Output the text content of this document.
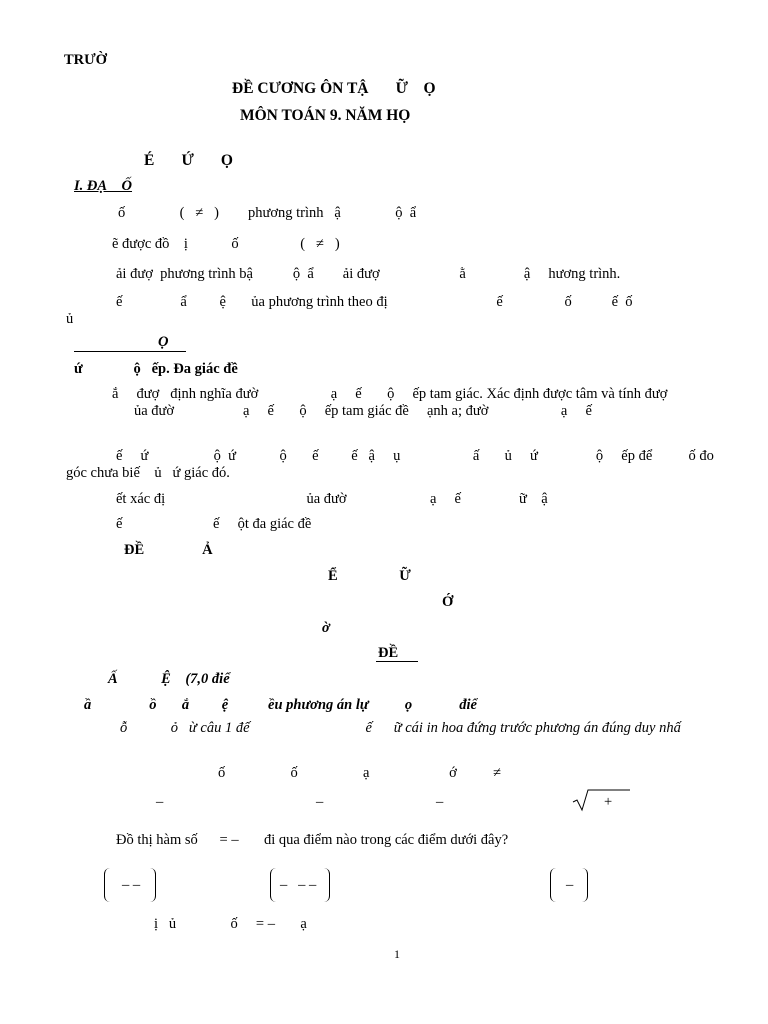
TRƯỜ
ĐỀ CƯƠNG ÔN TẬ       Ữ    Ọ
MÔN TOÁN 9. NĂM HỌ
É       Ứ       Ọ
I. ĐẠ    Ố
ố               (   ≠   )        phương trình   ậ               ộ  ẩ
ẽ được đồ    ị            ố                 (   ≠   )
ải đượ  phương trình bậ           ộ  ẩ        ải đượ                      ằ                ậ     hương trình.
ế                ẩ         ệ       ủa phương trình theo đị                              ế                 ố           ế  ố
ủ
Ọ
ứ              ộ   ếp. Đa giác đề
ắ     đượ   định nghĩa đườ                    ạ     ế       ộ     ếp tam giác. Xác định được tâm và tính đượ
ủa đườ                   ạ     ế       ộ     ếp tam giác đề     ạnh a; đườ                    ạ     ế
ế     ứ                  ộ  ứ            ộ       ế         ế   ậ     ụ                    ấ       ủ     ứ                ộ     ếp để          ố đo
góc chưa biế    ủ   ứ giác đó.
ết xác đị                                       ủa đườ                       ạ     ế                ữ    ậ
ế                         ế     ột đa giác đề
ĐỀ                Ả
Ể                 Ữ
Ớ
ờ
ĐỀ
Ấ            Ệ    (7,0 điể
ầ                ồ       ắ         ệ           ều phương án lự          ọ             điể
ỗ            ỏ   ừ câu 1 đế                                ế      ữ cái in hoa đứng trước phương án đúng duy nhấ
ố                  ố                  ạ                      ớ          ≠
–	–	–	+
Đồ thị hàm số      = –       đi qua điểm nào trong các điểm dưới đây?
– –	–   – –	–
ị   ủ               ố     = –       ạ
1
